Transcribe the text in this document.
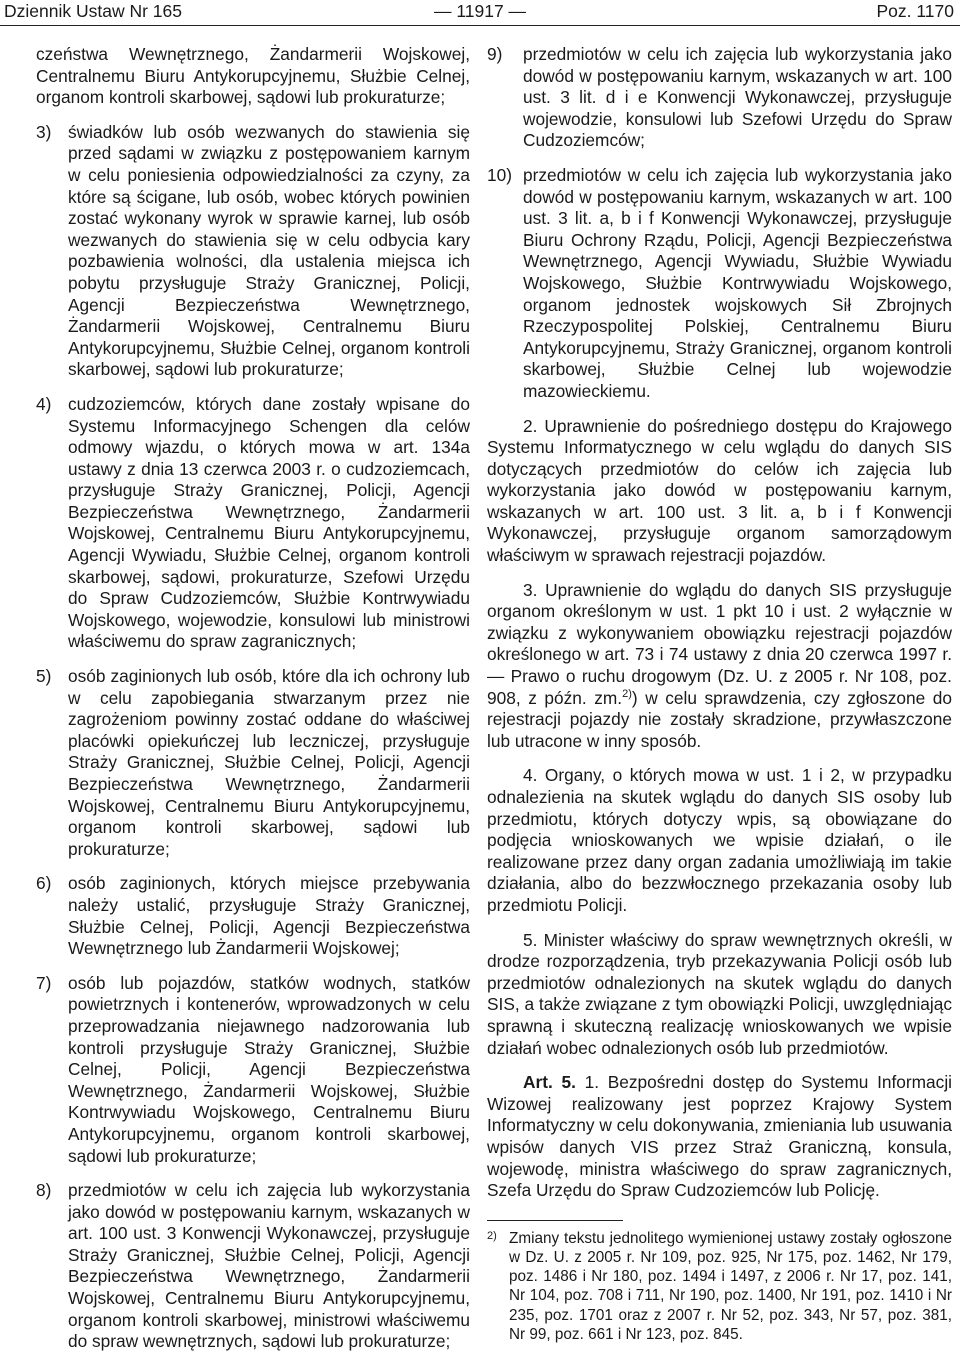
Dziennik Ustaw Nr 165	— 11917 —	Poz. 1170
czeństwa Wewnętrznego, Żandarmerii Wojskowej, Centralnemu Biuru Antykorupcyjnemu, Służbie Celnej, organom kontroli skarbowej, sądowi lub prokuraturze;
3) świadków lub osób wezwanych do stawienia się przed sądami w związku z postępowaniem karnym w celu poniesienia odpowiedzialności za czyny, za które są ścigane, lub osób, wobec których powinien zostać wykonany wyrok w sprawie karnej, lub osób wezwanych do stawienia się w celu odbycia kary pozbawienia wolności, dla ustalenia miejsca ich pobytu przysługuje Straży Granicznej, Policji, Agencji Bezpieczeństwa Wewnętrznego, Żandarmerii Wojskowej, Centralnemu Biuru Antykorupcyjnemu, Służbie Celnej, organom kontroli skarbowej, sądowi lub prokuraturze;
4) cudzoziemców, których dane zostały wpisane do Systemu Informacyjnego Schengen dla celów odmowy wjazdu, o których mowa w art. 134a ustawy z dnia 13 czerwca 2003 r. o cudzoziemcach, przysługuje Straży Granicznej, Policji, Agencji Bezpieczeństwa Wewnętrznego, Żandarmerii Wojskowej, Centralnemu Biuru Antykorupcyjnemu, Agencji Wywiadu, Służbie Celnej, organom kontroli skarbowej, sądowi, prokuraturze, Szefowi Urzędu do Spraw Cudzoziemców, Służbie Kontrwywiadu Wojskowego, wojewodzie, konsulowi lub ministrowi właściwemu do spraw zagranicznych;
5) osób zaginionych lub osób, które dla ich ochrony lub w celu zapobiegania stwarzanym przez nie zagrożeniom powinny zostać oddane do właściwej placówki opiekuńczej lub leczniczej, przysługuje Straży Granicznej, Służbie Celnej, Policji, Agencji Bezpieczeństwa Wewnętrznego, Żandarmerii Wojskowej, Centralnemu Biuru Antykorupcyjnemu, organom kontroli skarbowej, sądowi lub prokuraturze;
6) osób zaginionych, których miejsce przebywania należy ustalić, przysługuje Straży Granicznej, Służbie Celnej, Policji, Agencji Bezpieczeństwa Wewnętrznego lub Żandarmerii Wojskowej;
7) osób lub pojazdów, statków wodnych, statków powietrznych i kontenerów, wprowadzonych w celu przeprowadzania niejawnego nadzorowania lub kontroli przysługuje Straży Granicznej, Służbie Celnej, Policji, Agencji Bezpieczeństwa Wewnętrznego, Żandarmerii Wojskowej, Służbie Kontrwywiadu Wojskowego, Centralnemu Biuru Antykorupcyjnemu, organom kontroli skarbowej, sądowi lub prokuraturze;
8) przedmiotów w celu ich zajęcia lub wykorzystania jako dowód w postępowaniu karnym, wskazanych w art. 100 ust. 3 Konwencji Wykonawczej, przysługuje Straży Granicznej, Służbie Celnej, Policji, Agencji Bezpieczeństwa Wewnętrznego, Żandarmerii Wojskowej, Centralnemu Biuru Antykorupcyjnemu, organom kontroli skarbowej, ministrowi właściwemu do spraw wewnętrznych, sądowi lub prokuraturze;
9)	przedmiotów w celu ich zajęcia lub wykorzystania jako dowód w postępowaniu karnym, wskazanych w art. 100 ust. 3 lit. d i e Konwencji Wykonawczej, przysługuje wojewodzie, konsulowi lub Szefowi Urzędu do Spraw Cudzoziemców;
10) przedmiotów w celu ich zajęcia lub wykorzystania jako dowód w postępowaniu karnym, wskazanych w art. 100 ust. 3 lit. a, b i f Konwencji Wykonawczej, przysługuje Biuru Ochrony Rządu, Policji, Agencji Bezpieczeństwa Wewnętrznego, Agencji Wywiadu, Służbie Wywiadu Wojskowego, Służbie Kontrwywiadu Wojskowego, organom jednostek wojskowych Sił Zbrojnych Rzeczypospolitej Polskiej, Centralnemu Biuru Antykorupcyjnemu, Straży Granicznej, organom kontroli skarbowej, Służbie Celnej lub wojewodzie mazowieckiemu.

2. Uprawnienie do pośredniego dostępu do Krajowego Systemu Informatycznego w celu wglądu do danych SIS dotyczących przedmiotów do celów ich zajęcia lub wykorzystania jako dowód w postępowaniu karnym, wskazanych w art. 100 ust. 3 lit. a, b i f Konwencji Wykonawczej, przysługuje organom samorządowym właściwym w sprawach rejestracji pojazdów.

3. Uprawnienie do wglądu do danych SIS przysługuje organom określonym w ust. 1 pkt 10 i ust. 2 wyłącznie w związku z wykonywaniem obowiązku rejestracji pojazdów określonego w art. 73 i 74 ustawy z dnia 20 czerwca 1997 r. — Prawo o ruchu drogowym (Dz. U. z 2005 r. Nr 108, poz. 908, z późn. zm.$^{2)}$) w celu sprawdzenia, czy zgłoszone do rejestracji pojazdy nie zostały skradzione, przywłaszczone lub utracone w inny sposób.

4. Organy, o których mowa w ust. 1 i 2, w przypadku odnalezienia na skutek wglądu do danych SIS osoby lub przedmiotu, których dotyczy wpis, są obowiązane do podjęcia wnioskowanych we wpisie działań, o ile realizowane przez dany organ zadania umożliwiają im takie działania, albo do bezzwłocznego przekazania osoby lub przedmiotu Policji.

5. Minister właściwy do spraw wewnętrznych określi, w drodze rozporządzenia, tryb przekazywania Policji osób lub przedmiotów odnalezionych na skutek wglądu do danych SIS, a także związane z tym obowiązki Policji, uwzględniając sprawną i skuteczną realizację wnioskowanych we wpisie działań wobec odnalezionych osób lub przedmiotów.

Art. 5. 1. Bezpośredni dostęp do Systemu Informacji Wizowej realizowany jest poprzez Krajowy System Informatyczny w celu dokonywania, zmieniania lub usuwania wpisów danych VIS przez Straż Graniczną, konsula, wojewodę, ministra właściwego do spraw zagranicznych, Szefa Urzędu do Spraw Cudzoziemców lub Policję.

2) Zmiany tekstu jednolitego wymienionej ustawy zostały ogłoszone w Dz. U. z 2005 r. Nr 109, poz. 925, Nr 175, poz. 1462, Nr 179, poz. 1486 i Nr 180, poz. 1494 i 1497, z 2006 r. Nr 17, poz. 141, Nr 104, poz. 708 i 711, Nr 190, poz. 1400, Nr 191, poz. 1410 i Nr 235, poz. 1701 oraz z 2007 r. Nr 52, poz. 343, Nr 57, poz. 381, Nr 99, poz. 661 i Nr 123, poz. 845.
